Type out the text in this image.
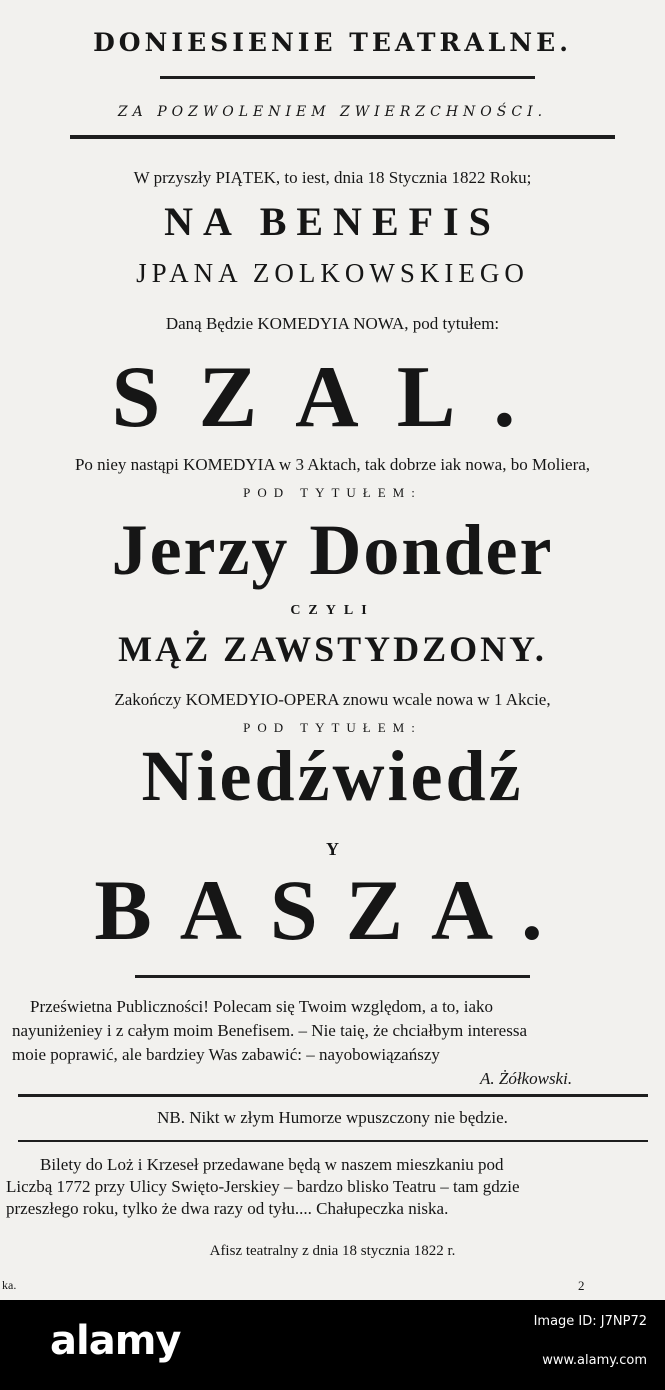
DONIESIENIE TEATRALNE.
ZA POZWOLENIEM ZWIERZCHNOŚCI.
W przyszły PIĄTEK, to iest, dnia 18 Stycznia 1822 Roku;
NA BENEFIS
JPANA ZOLKOWSKIEGO
Daną Będzie KOMEDYIA NOWA, pod tytułem:
SZAL.
Po niey nastąpi KOMEDYIA w 3 Aktach, tak dobrze iak nowa, bo Moliera,
POD TYTUŁEM:
Jerzy Donder
CZYLI
MĄŻ ZAWSTYDZONY.
Zakończy KOMEDYIO-OPERA znowu wcale nowa w 1 Akcie,
POD TYTUŁEM:
Niedźwiedź
Y
BASZA.
Prześwietna Publiczności! Polecam się Twoim względom, a to, iako
nayuniżeniey i z całym moim Benefisem. – Nie taię, że chciałbym interessa
moie poprawić, ale bardziey Was zabawić: – nayobowiązańszy
A. Żółkowski.
NB. Nikt w złym Humorze wpuszczony nie będzie.
Bilety do Loż i Krzeseł przedawane będą w naszem mieszkaniu pod
Liczbą 1772 przy Ulicy Swięto-Jerskiey – bardzo blisko Teatru – tam gdzie
przeszłego roku, tylko że dwa razy od tyłu.... Chałupeczka niska.
Afisz teatralny z dnia 18 stycznia 1822 r.
ka.	2
alamy	Image ID: J7NP72
www.alamy.com
